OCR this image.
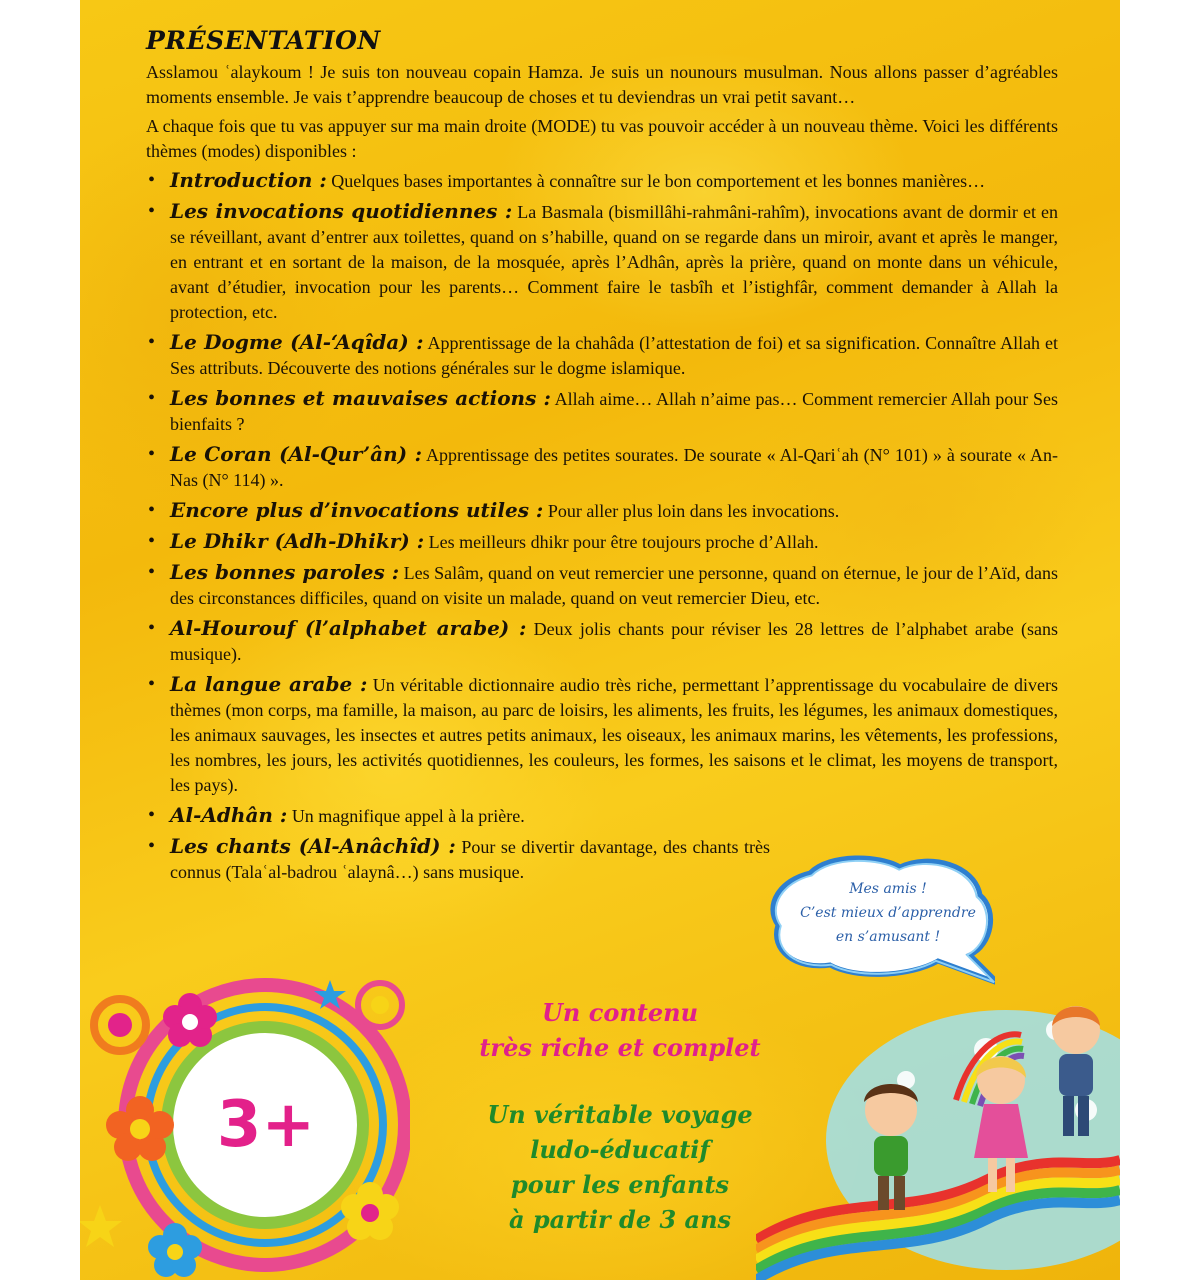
PRÉSENTATION

Asslamou ʿalaykoum ! Je suis ton nouveau copain Hamza. Je suis un nounours musulman. Nous allons passer d’agréables moments ensemble. Je vais t’apprendre beaucoup de choses et tu deviendras un vrai petit savant…

A chaque fois que tu vas appuyer sur ma main droite (MODE) tu vas pouvoir accéder à un nouveau thème. Voici les différents thèmes (modes) disponibles :

• Introduction : Quelques bases importantes à connaître sur le bon comportement et les bonnes manières…
• Les invocations quotidiennes : La Basmala (bismillâhi-rahmâni-rahîm), invocations avant de dormir et en se réveillant, avant d’entrer aux toilettes, quand on s’habille, quand on se regarde dans un miroir, avant et après le manger, en entrant et en sortant de la maison, de la mosquée, après l’Adhân, après la prière, quand on monte dans un véhicule, avant d’étudier, invocation pour les parents… Comment faire le tasbîh et l’istighfâr, comment demander à Allah la protection, etc.
• Le Dogme (Al-‘Aqîda) : Apprentissage de la chahâda (l’attestation de foi) et sa signification. Connaître Allah et Ses attributs. Découverte des notions générales sur le dogme islamique.
• Les bonnes et mauvaises actions : Allah aime… Allah n’aime pas… Comment remercier Allah pour Ses bienfaits ?
• Le Coran (Al-Qur’ân) : Apprentissage des petites sourates. De sourate « Al-Qariʿah (N° 101) » à sourate « An-Nas (N° 114) ».
• Encore plus d’invocations utiles : Pour aller plus loin dans les invocations.
• Le Dhikr (Adh-Dhikr) : Les meilleurs dhikr pour être toujours proche d’Allah.
• Les bonnes paroles : Les Salâm, quand on veut remercier une personne, quand on éternue, le jour de l’Aïd, dans des circonstances difficiles, quand on visite un malade, quand on veut remercier Dieu, etc.
• Al-Hourouf (l’alphabet arabe) : Deux jolis chants pour réviser les 28 lettres de l’alphabet arabe (sans musique).
• La langue arabe : Un véritable dictionnaire audio très riche, permettant l’apprentissage du vocabulaire de divers thèmes (mon corps, ma famille, la maison, au parc de loisirs, les aliments, les fruits, les légumes, les animaux domestiques, les animaux sauvages, les insectes et autres petits animaux, les oiseaux, les animaux marins, les vêtements, les professions, les nombres, les jours, les activités quotidiennes, les couleurs, les formes, les saisons et le climat, les moyens de transport, les pays).
• Al-Adhân : Un magnifique appel à la prière.
• Les chants (Al-Anâchîd) : Pour se divertir davantage, des chants très connus (Talaʿal-badrou ʿalaynâ…) sans musique.
Mes amis !
C’est mieux d’apprendre
en s’amusant !
Un contenu
très riche et complet
Un véritable voyage
ludo-éducatif
pour les enfants
à partir de 3 ans
3+
